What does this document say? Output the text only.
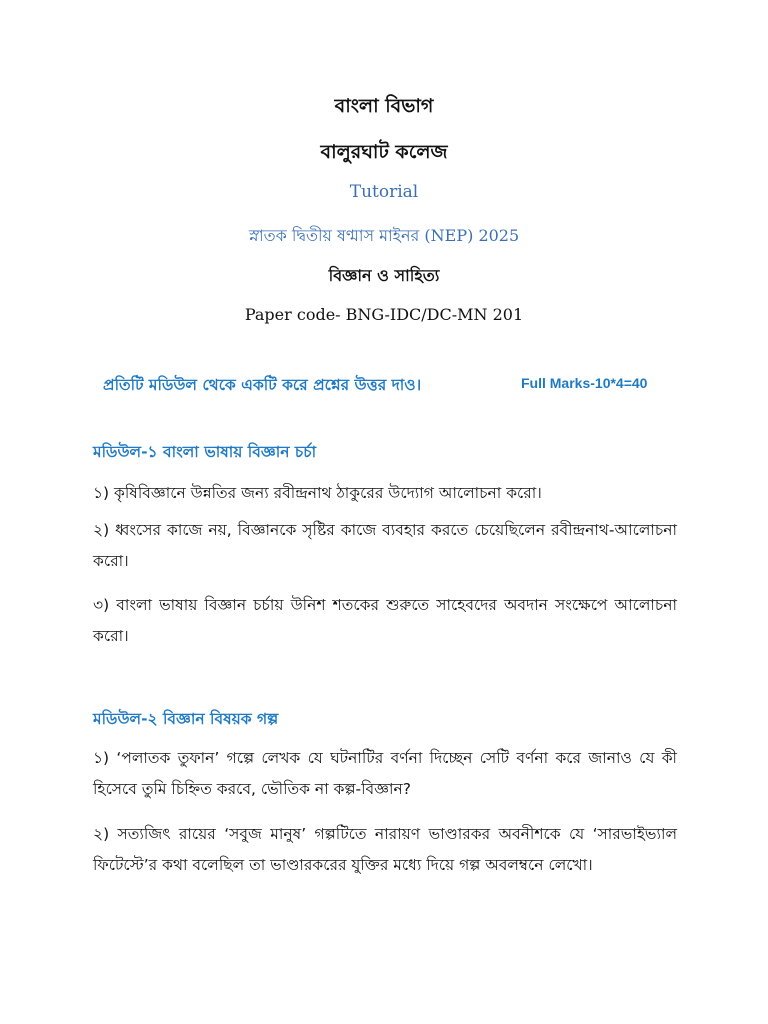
বাংলা বিভাগ
বালুরঘাট কলেজ
Tutorial
স্নাতক দ্বিতীয় ষণ্মাস মাইনর (NEP) 2025
বিজ্ঞান ও সাহিত্য
Paper code- BNG-IDC/DC-MN 201
প্রতিটি মডিউল থেকে একটি করে প্রশ্নের উত্তর দাও।	Full Marks-10*4=40
মডিউল-১ বাংলা ভাষায় বিজ্ঞান চর্চা
১) কৃষিবিজ্ঞানে উন্নতির জন্য রবীন্দ্রনাথ ঠাকুরের উদ্যোগ আলোচনা করো।
২) ধ্বংসের কাজে নয়, বিজ্ঞানকে সৃষ্টির কাজে ব্যবহার করতে চেয়েছিলেন রবীন্দ্রনাথ-আলোচনা করো।
৩) বাংলা ভাষায় বিজ্ঞান চর্চায় উনিশ শতকের শুরুতে সাহেবদের অবদান সংক্ষেপে আলোচনা করো।
মডিউল-২ বিজ্ঞান বিষয়ক গল্প
১) ‘পলাতক তুফান’ গল্পে লেখক যে ঘটনাটির বর্ণনা দিচ্ছেন সেটি বর্ণনা করে জানাও যে কী হিসেবে তুমি চিহ্নিত করবে, ভৌতিক না কল্প-বিজ্ঞান?
২) সত্যজিৎ রায়ের ‘সবুজ মানুষ’ গল্পটিতে নারায়ণ ভাণ্ডারকর অবনীশকে যে ‘সারভাইভ্যাল ফিটেস্টে’র কথা বলেছিল তা ভাণ্ডারকরের যুক্তির মধ্যে দিয়ে গল্প অবলম্বনে লেখো।
